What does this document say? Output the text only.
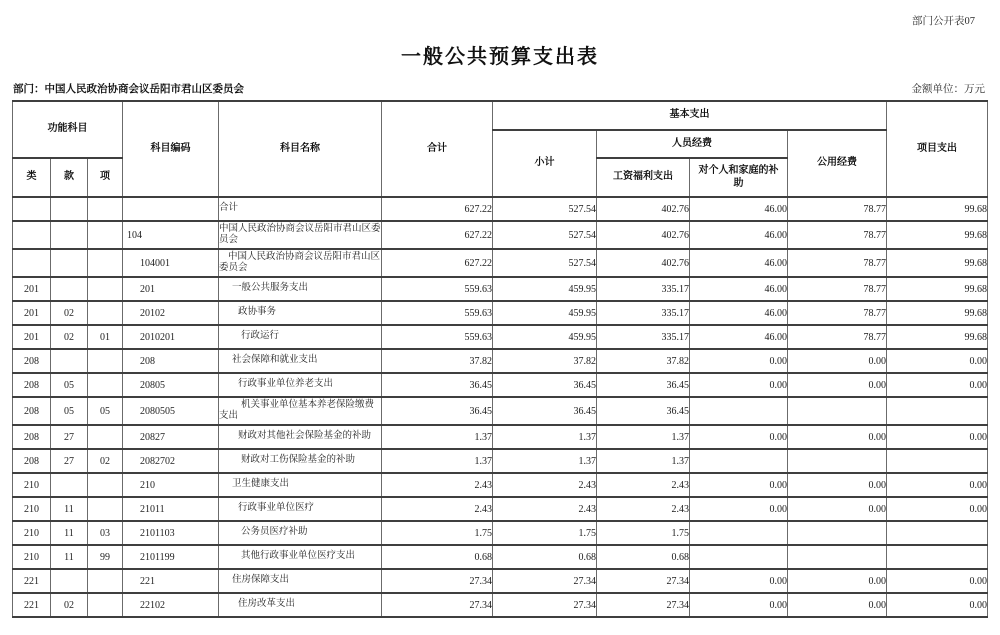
部门公开表07
一般公共预算支出表
部门：中国人民政治协商会议岳阳市君山区委员会	金额单位：万元
功能科目			科目编码	科目名称	合计	基本支出				项目支出
						小计	人员经费		公用经费	
类	款	项					工资福利支出	对个人和家庭的补助		
				合计	627.22	527.54	402.76	46.00	78.77	99.68
			104	中国人民政治协商会议岳阳市君山区委员会	627.22	527.54	402.76	46.00	78.77	99.68
			104001	中国人民政治协商会议岳阳市君山区委员会	627.22	527.54	402.76	46.00	78.77	99.68
201			201	一般公共服务支出	559.63	459.95	335.17	46.00	78.77	99.68
201	02		20102	政协事务	559.63	459.95	335.17	46.00	78.77	99.68
201	02	01	2010201	行政运行	559.63	459.95	335.17	46.00	78.77	99.68
208			208	社会保障和就业支出	37.82	37.82	37.82	0.00	0.00	0.00
208	05		20805	行政事业单位养老支出	36.45	36.45	36.45	0.00	0.00	0.00
208	05	05	2080505	机关事业单位基本养老保险缴费支出	36.45	36.45	36.45			
208	27		20827	财政对其他社会保险基金的补助	1.37	1.37	1.37	0.00	0.00	0.00
208	27	02	2082702	财政对工伤保险基金的补助	1.37	1.37	1.37			
210			210	卫生健康支出	2.43	2.43	2.43	0.00	0.00	0.00
210	11		21011	行政事业单位医疗	2.43	2.43	2.43	0.00	0.00	0.00
210	11	03	2101103	公务员医疗补助	1.75	1.75	1.75			
210	11	99	2101199	其他行政事业单位医疗支出	0.68	0.68	0.68			
221			221	住房保障支出	27.34	27.34	27.34	0.00	0.00	0.00
221	02		22102	住房改革支出	27.34	27.34	27.34	0.00	0.00	0.00
